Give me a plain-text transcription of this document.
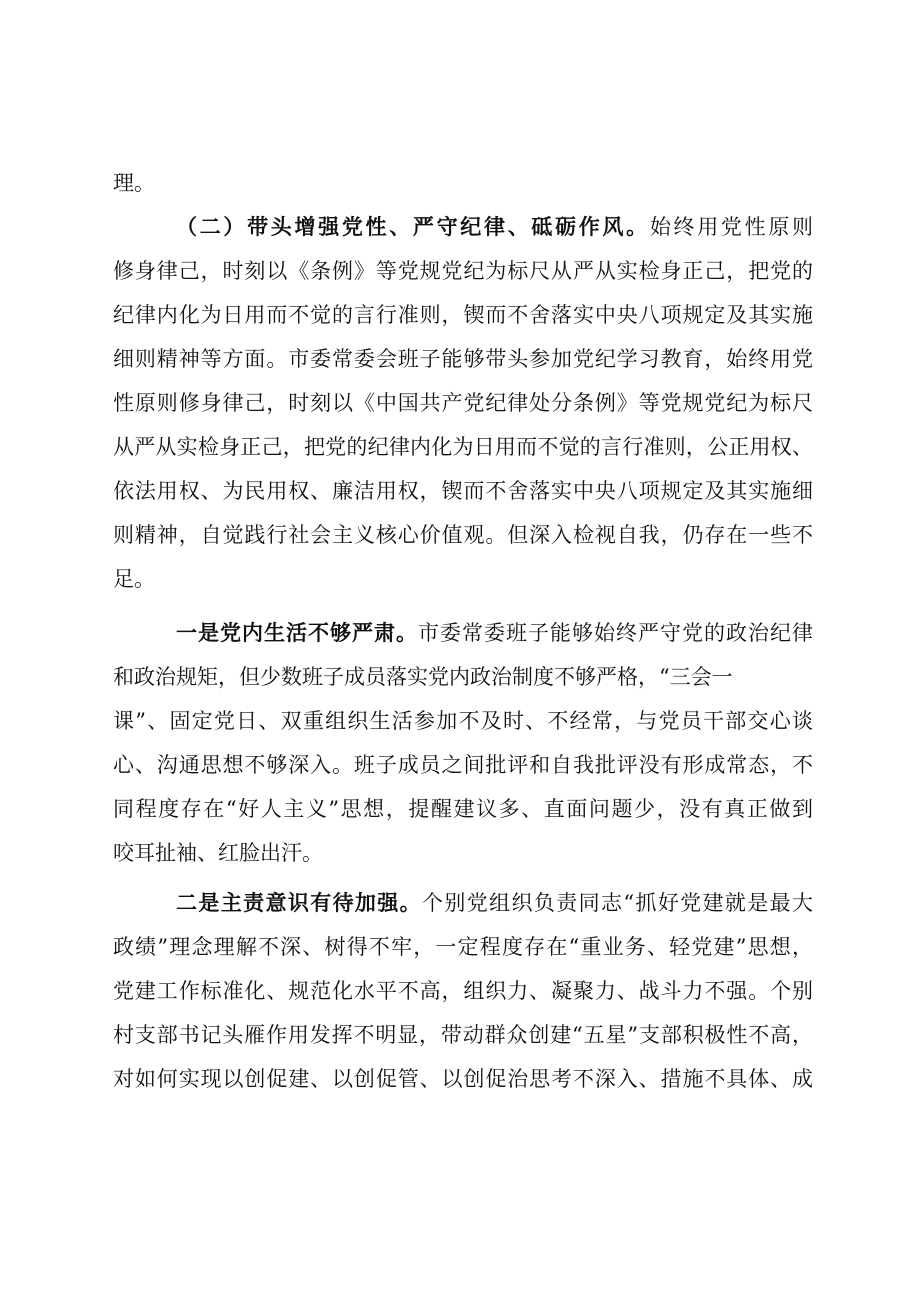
理。
（二）带头增强党性、严守纪律、砥砺作风。始终用党性原则
修身律己，时刻以《条例》等党规党纪为标尺从严从实检身正己，把党的
纪律内化为日用而不觉的言行准则，锲而不舍落实中央八项规定及其实施
细则精神等方面。市委常委会班子能够带头参加党纪学习教育，始终用党
性原则修身律己，时刻以《中国共产党纪律处分条例》等党规党纪为标尺
从严从实检身正己，把党的纪律内化为日用而不觉的言行准则，公正用权、
依法用权、为民用权、廉洁用权，锲而不舍落实中央八项规定及其实施细
则精神，自觉践行社会主义核心价值观。但深入检视自我，仍存在一些不
足。
一是党内生活不够严肃。市委常委班子能够始终严守党的政治纪律
和政治规矩，但少数班子成员落实党内政治制度不够严格，“三会一
课”、固定党日、双重组织生活参加不及时、不经常，与党员干部交心谈
心、沟通思想不够深入。班子成员之间批评和自我批评没有形成常态，不
同程度存在“好人主义”思想，提醒建议多、直面问题少，没有真正做到
咬耳扯袖、红脸出汗。
二是主责意识有待加强。个别党组织负责同志“抓好党建就是最大
政绩”理念理解不深、树得不牢，一定程度存在“重业务、轻党建”思想，
党建工作标准化、规范化水平不高，组织力、凝聚力、战斗力不强。个别
村支部书记头雁作用发挥不明显，带动群众创建“五星”支部积极性不高，
对如何实现以创促建、以创促管、以创促治思考不深入、措施不具体、成
